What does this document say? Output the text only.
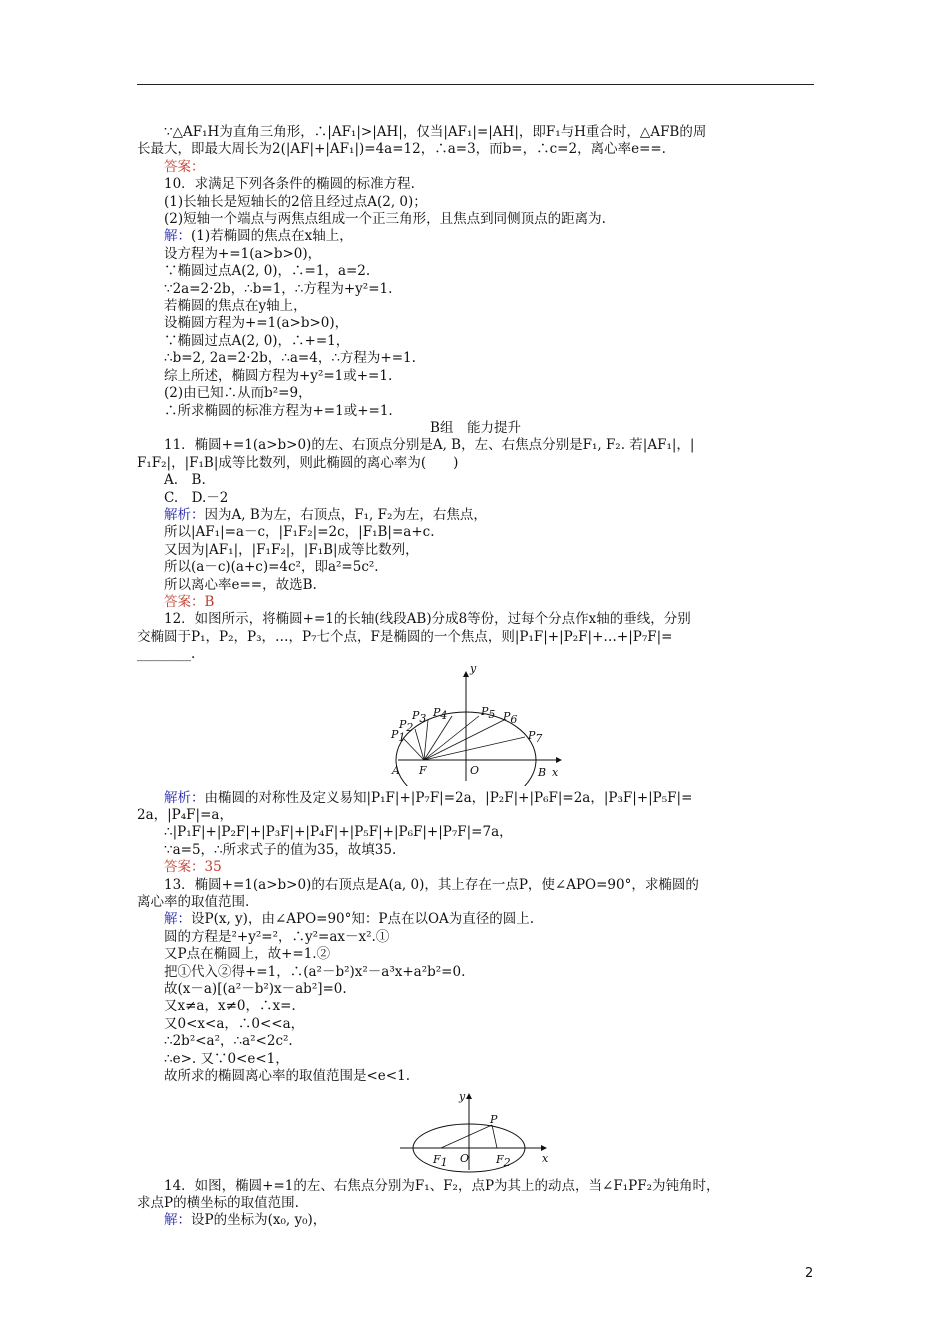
∵△AF₁H为直角三角形，∴|AF₁|>|AH|，仅当|AF₁|=|AH|，即F₁与H重合时，△AFB的周
长最大，即最大周长为2(|AF|+|AF₁|)=4a=12，∴a=3，而b=，∴c=2，离心率e==.
答案：
10．求满足下列各条件的椭圆的标准方程.
(1)长轴长是短轴长的2倍且经过点A(2, 0)；
(2)短轴一个端点与两焦点组成一个正三角形，且焦点到同侧顶点的距离为.
解：(1)若椭圆的焦点在x轴上，
设方程为+=1(a>b>0)，
∵椭圆过点A(2, 0)，∴=1，a=2.
∵2a=2·2b，∴b=1，∴方程为+y²=1.
若椭圆的焦点在y轴上，
设椭圆方程为+=1(a>b>0)，
∵椭圆过点A(2, 0)，∴+=1，
∴b=2, 2a=2·2b，∴a=4，∴方程为+=1.
综上所述，椭圆方程为+y²=1或+=1.
(2)由已知∴从而b²=9，
∴所求椭圆的标准方程为+=1或+=1.
B组　能力提升
11．椭圆+=1(a>b>0)的左、右顶点分别是A, B，左、右焦点分别是F₁, F₂. 若|AF₁|，|
F₁F₂|，|F₁B|成等比数列，则此椭圆的离心率为(　　)
A.　B.
C.　D.－2
解析：因为A, B为左，右顶点，F₁, F₂为左，右焦点，
所以|AF₁|=a－c，|F₁F₂|=2c，|F₁B|=a+c.
又因为|AF₁|，|F₁F₂|，|F₁B|成等比数列，
所以(a－c)(a+c)=4c²，即a²=5c².
所以离心率e==，故选B.
答案：B
12．如图所示，将椭圆+=1的长轴(线段AB)分成8等份，过每个分点作x轴的垂线，分别
交椭圆于P₁，P₂，P₃，…，P₇七个点，F是椭圆的一个焦点，则|P₁F|+|P₂F|+…+|P₇F|=
________.
y
x
A F	O	B
P1
P2
P3 P4	P5 P6
P7
解析：由椭圆的对称性及定义易知|P₁F|+|P₇F|=2a，|P₂F|+|P₆F|=2a，|P₃F|+|P₅F|=
2a，|P₄F|=a，
∴|P₁F|+|P₂F|+|P₃F|+|P₄F|+|P₅F|+|P₆F|+|P₇F|=7a，
∵a=5，∴所求式子的值为35，故填35.
答案：35
13．椭圆+=1(a>b>0)的右顶点是A(a, 0)，其上存在一点P，使∠APO=90°，求椭圆的
离心率的取值范围.
解：设P(x, y)，由∠APO=90°知：P点在以OA为直径的圆上.
圆的方程是²+y²=²，∴y²=ax－x².①
又P点在椭圆上，故+=1.②
把①代入②得+=1，∴(a²－b²)x²－a³x+a²b²=0.
故(x－a)[(a²－b²)x－ab²]=0.
又x≠a，x≠0，∴x=.
又0<x<a，∴0<<a，
∴2b²<a²，∴a²<2c².
∴e>. 又∵0<e<1，
故所求的椭圆离心率的取值范围是<e<1.
y
x
P
O
F1	F2
14．如图，椭圆+=1的左、右焦点分别为F₁、F₂，点P为其上的动点，当∠F₁PF₂为钝角时，
求点P的横坐标的取值范围.
解：设P的坐标为(x₀, y₀)，
2
